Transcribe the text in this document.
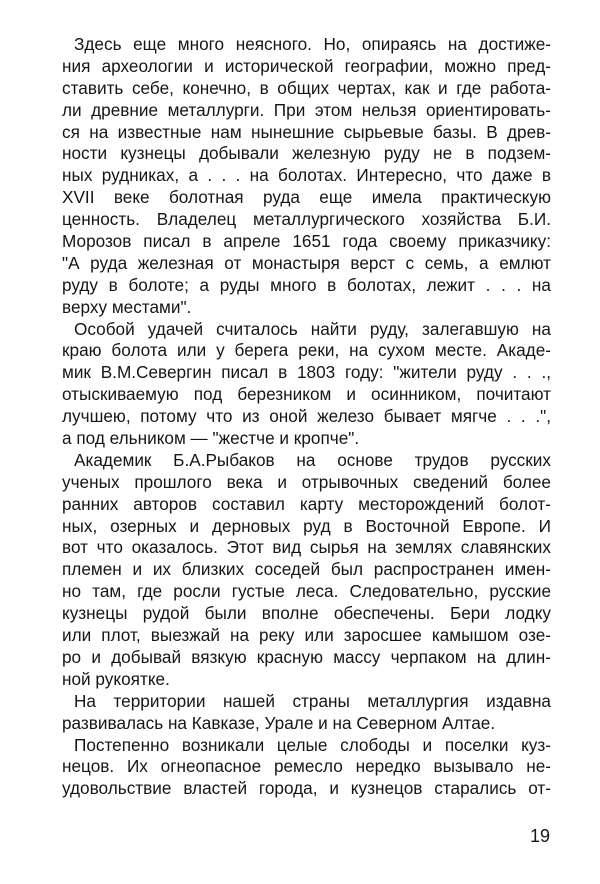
Здесь еще много неясного. Но, опираясь на достиже-
ния археологии и исторической географии, можно пред-
ставить себе, конечно, в общих чертах, как и где работа-
ли древние металлурги. При этом нельзя ориентировать-
ся на известные нам нынешние сырьевые базы. В древ-
ности кузнецы добывали железную руду не в подзем-
ных рудниках, а . . . на болотах. Интересно, что даже в
XVII веке болотная руда еще имела практическую
ценность. Владелец металлургического хозяйства Б.И.
Морозов писал в апреле 1651 года своему приказчику:
"А руда железная от монастыря верст с семь, а емлют
руду в болоте; а руды много в болотах, лежит . . . на
верху местами".
Особой удачей считалось найти руду, залегавшую на
краю болота или у берега реки, на сухом месте. Акаде-
мик В.М.Севергин писал в 1803 году: "жители руду . . .,
отыскиваемую под березником и осинником, почитают
лучшею, потому что из оной железо бывает мягче . . .",
а под ельником — "жестче и кропче".
Академик Б.А.Рыбаков на основе трудов русских
ученых прошлого века и отрывочных сведений более
ранних авторов составил карту месторождений болот-
ных, озерных и дерновых руд в Восточной Европе. И
вот что оказалось. Этот вид сырья на землях славянских
племен и их близких соседей был распространен имен-
но там, где росли густые леса. Следовательно, русские
кузнецы рудой были вполне обеспечены. Бери лодку
или плот, выезжай на реку или заросшее камышом озе-
ро и добывай вязкую красную массу черпаком на длин-
ной рукоятке.
На территории нашей страны металлургия издавна
развивалась на Кавказе, Урале и на Северном Алтае.
Постепенно возникали целые слободы и поселки куз-
нецов. Их огнеопасное ремесло нередко вызывало не-
удовольствие властей города, и кузнецов старались от-
19
